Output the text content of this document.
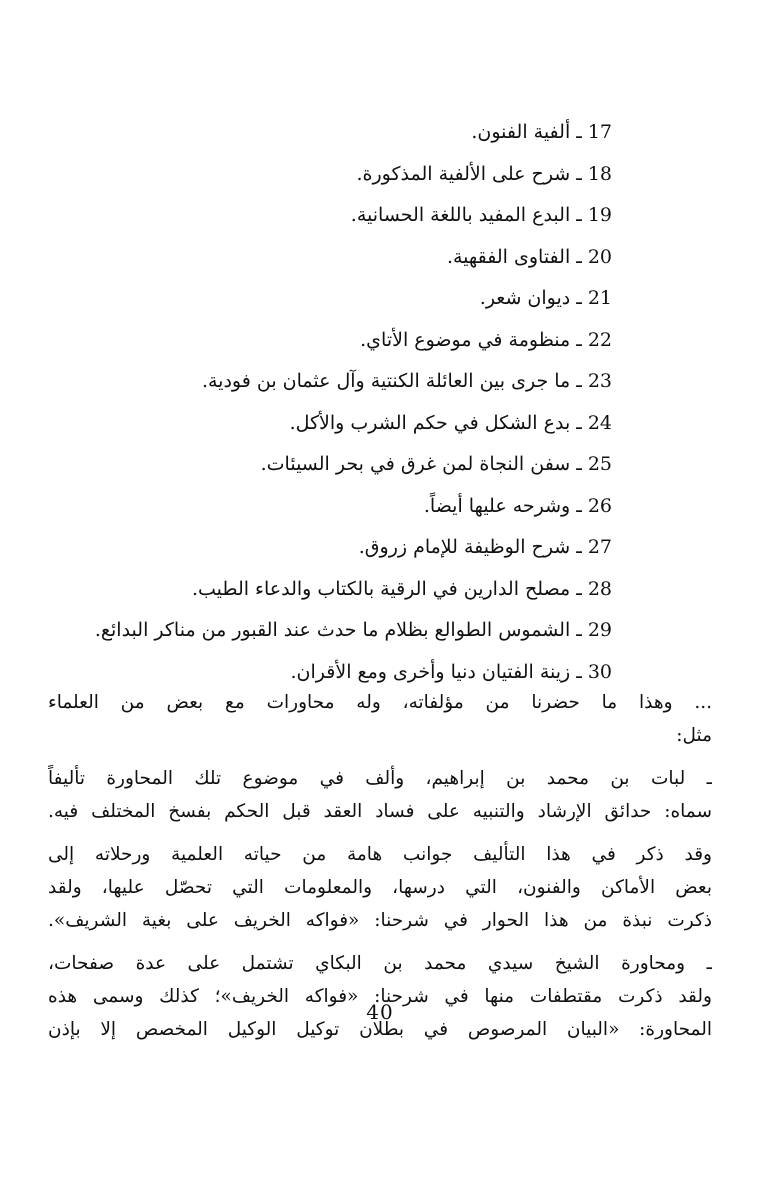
17ـألفية الفنون.
18ـشرح على الألفية المذكورة.
19ـالبدع المفيد باللغة الحسانية.
20ـالفتاوى الفقهية.
21ـديوان شعر.
22ـمنظومة في موضوع الأتاي.
23ـما جرى بين العائلة الكنتية وآل عثمان بن فودية.
24ـبدع الشكل في حكم الشرب والأكل.
25ـسفن النجاة لمن غرق في بحر السيئات.
26ـوشرحه عليها أيضاً.
27ـشرح الوظيفة للإمام زروق.
28ـمصلح الدارين في الرقية بالكتاب والدعاء الطيب.
29ـالشموس الطوالع بظلام ما حدث عند القبور من مناكر البدائع.
30ـزينة الفتيان دنيا وأخرى ومع الأقران.
... وهذا ما حضرنا من مؤلفاته، وله محاورات مع بعض من العلماء
مثل:
ـ لبات بن محمد بن إبراهيم، وألف في موضوع تلك المحاورة تأليفاً
سماه: حدائق الإرشاد والتنبيه على فساد العقد قبل الحكم بفسخ المختلف فيه.
وقد ذكر في هذا التأليف جوانب هامة من حياته العلمية ورحلاته إلى
بعض الأماكن والفنون، التي درسها، والمعلومات التي تحصّل عليها، ولقد
ذكرت نبذة من هذا الحوار في شرحنا: «فواكه الخريف على بغية الشريف».
ـ ومحاورة الشيخ سيدي محمد بن البكاي تشتمل على عدة صفحات،
ولقد ذكرت مقتطفات منها في شرحنا: «فواكه الخريف»؛ كذلك وسمى هذه
المحاورة: «البيان المرصوص في بطلان توكيل الوكيل المخصص إلا بإذن
40
